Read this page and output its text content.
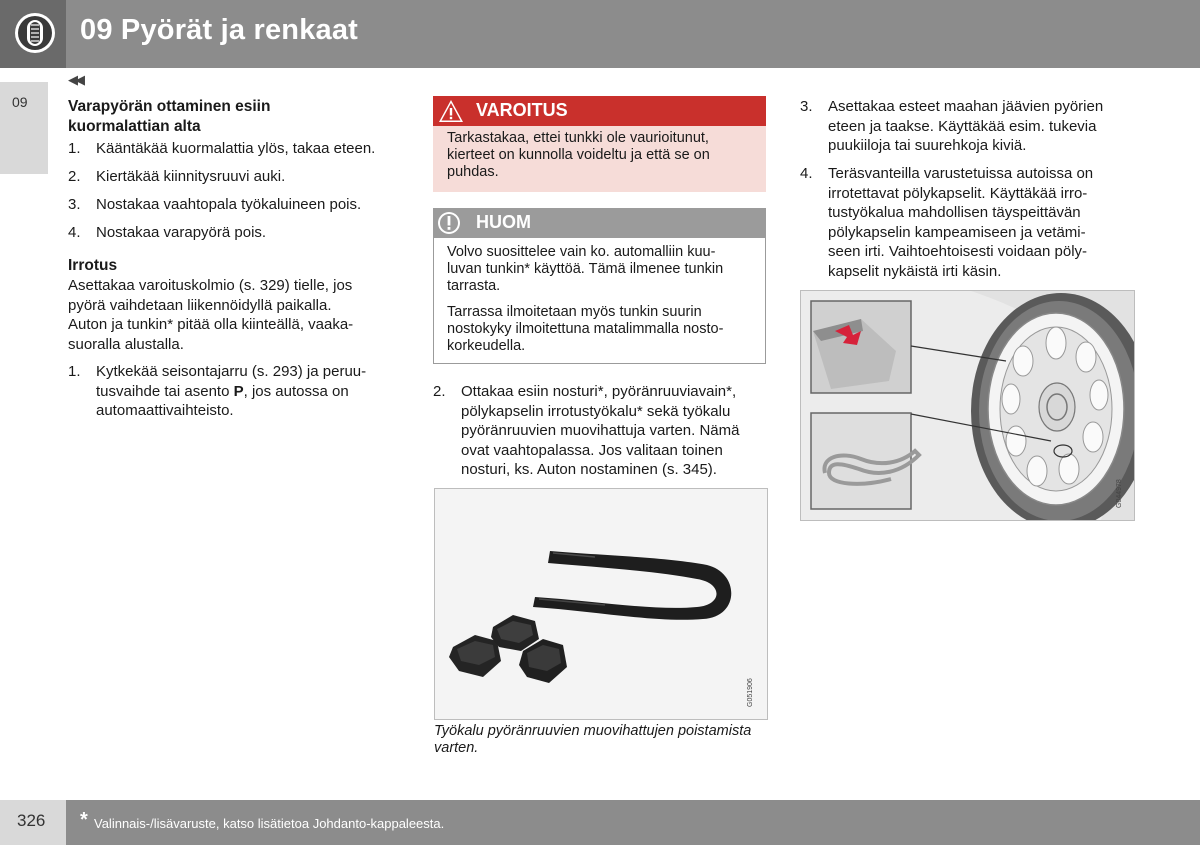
09 Pyörät ja renkaat
09
◀◀
Varapyörän ottaminen esiin
kuormalattian alta
1. Kääntäkää kuormalattia ylös, takaa eteen.
2. Kiertäkää kiinnitysruuvi auki.
3. Nostakaa vaahtopala työkaluineen pois.
4. Nostakaa varapyörä pois.
Irrotus
Asettakaa varoituskolmio (s. 329) tielle, jos
pyörä vaihdetaan liikennöidyllä paikalla.
Auton ja tunkin* pitää olla kiinteällä, vaaka-
suoralla alustalla.
1. Kytkekää seisontajarru (s. 293) ja peruu-
tusvaihde tai asento P, jos autossa on
automaattivaihteisto.
VAROITUS
Tarkastakaa, ettei tunkki ole vaurioitunut,
kierteet on kunnolla voideltu ja että se on
puhdas.
HUOM
Volvo suosittelee vain ko. automalliin kuu-
luvan tunkin* käyttöä. Tämä ilmenee tunkin
tarrasta.
Tarrassa ilmoitetaan myös tunkin suurin
nostokyky ilmoitettuna matalimmalla nosto-
korkeudella.
2. Ottakaa esiin nosturi*, pyöränruuviavain*,
pölykapselin irrotustyökalu* sekä työkalu
pyöränruuvien muovihattuja varten. Nämä
ovat vaahtopalassa. Jos valitaan toinen
nosturi, ks. Auton nostaminen (s. 345).
G051906
Työkalu pyöränruuvien muovihattujen poistamista
varten.
3. Asettakaa esteet maahan jäävien pyörien
eteen ja taakse. Käyttäkää esim. tukevia
puukiiloja tai suurehkoja kiviä.
4. Teräsvanteilla varustetuissa autoissa on
irrotettavat pölykapselit. Käyttäkää irro-
tustyökalua mahdollisen täyspeittävän
pölykapselin kampeamiseen ja vetämi-
seen irti. Vaihtoehtoisesti voidaan pöly-
kapselit nykäistä irti käsin.
G044978
326 * Valinnais-/lisävaruste, katso lisätietoa Johdanto-kappaleesta.
